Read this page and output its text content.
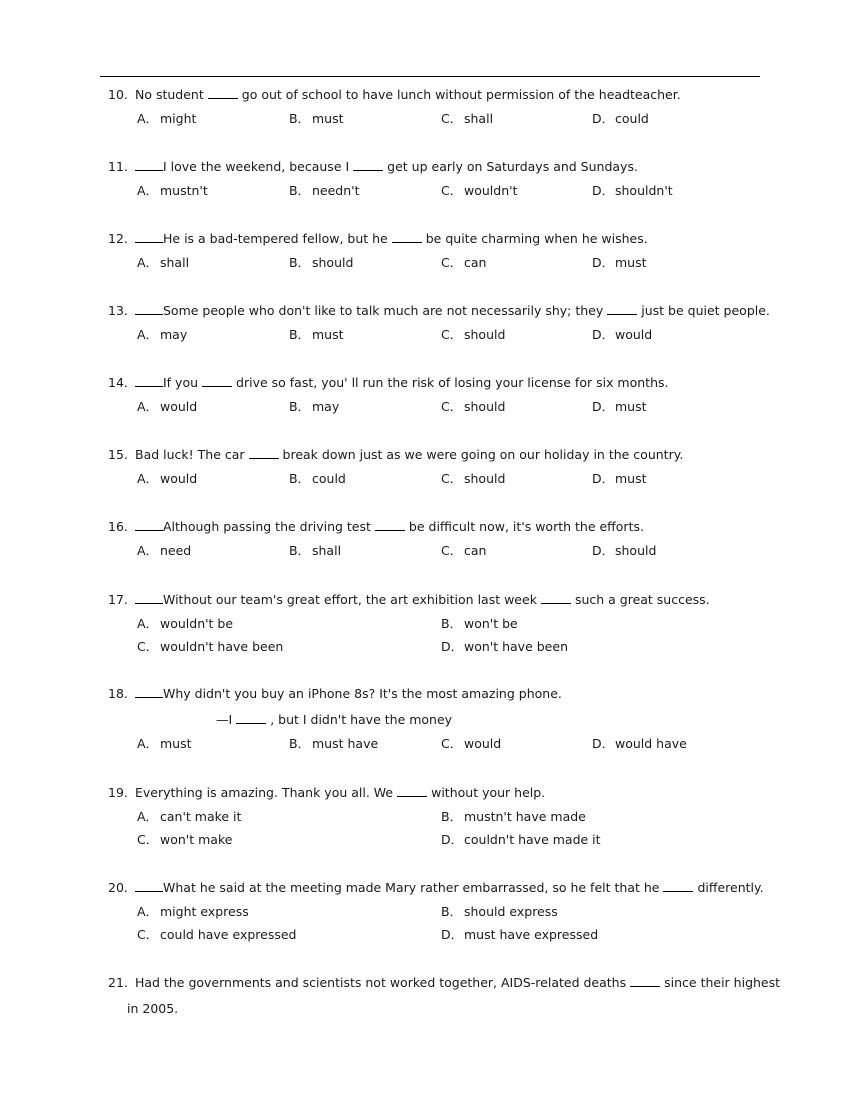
10. No student	go out of school to have lunch without permission of the headteacher.
A． might	B． must	C． shall	D．could
11.	I love the weekend, because I	get up early on Saturdays and Sundays.
A． mustn't	B． needn't	C． wouldn't	D．shouldn't
12.	He is a bad-tempered fellow, but he	be quite charming when he wishes.
A． shall	B． should	C． can	D．must
13.	Some people who don't like to talk much are not necessarily shy; they	just be quiet people.
A． may	B． must	C． should	D．would
14.	If you	drive so fast, you' ll run the risk of losing your license for six months.
A． would	B． may	C． should	D．must
15. Bad luck! The car	break down just as we were going on our holiday in the country.
A． would	B． could	C． should	D．must
16.	Although passing the driving test	be difficult now, it's worth the efforts.
A． need	B． shall	C． can	D．should
17.	Without our team's great effort, the art exhibition last week	such a great success.
A． wouldn't be	B． won't be
C． wouldn't have been	D．won't have been
18.	Why didn't you buy an iPhone 8s? It's the most amazing phone.
—I	, but I didn't have the money
A． must	B． must have	C． would	D．would have
19. Everything is amazing. Thank you all. We	without your help.
A． can't make it	B． mustn't have made
C． won't make	D．couldn't have made it
20.	What he said at the meeting made Mary rather embarrassed, so he felt that he	differently.
A． might express	B． should express
C． could have expressed	D．must have expressed
21. Had the governments and scientists not worked together, AIDS-related deaths	since their highest
in 2005.
